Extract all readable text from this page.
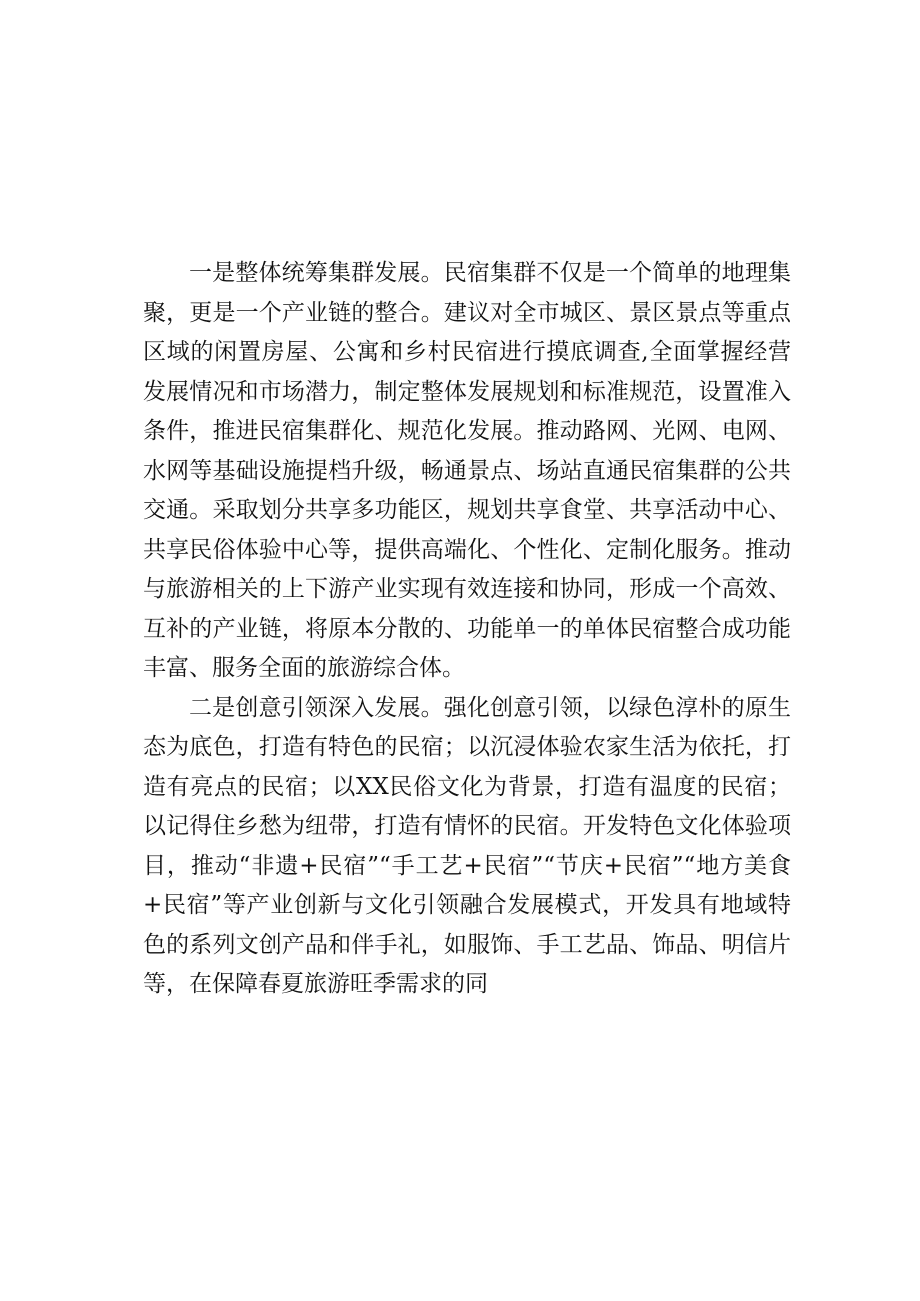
一是整体统筹集群发展。民宿集群不仅是一个简单的地理集聚，更是一个产业链的整合。建议对全市城区、景区景点等重点区域的闲置房屋、公寓和乡村民宿进行摸底调查,全面掌握经营发展情况和市场潜力，制定整体发展规划和标准规范，设置准入条件，推进民宿集群化、规范化发展。推动路网、光网、电网、水网等基础设施提档升级，畅通景点、场站直通民宿集群的公共交通。采取划分共享多功能区，规划共享食堂、共享活动中心、共享民俗体验中心等，提供高端化、个性化、定制化服务。推动与旅游相关的上下游产业实现有效连接和协同，形成一个高效、互补的产业链，将原本分散的、功能单一的单体民宿整合成功能丰富、服务全面的旅游综合体。

二是创意引领深入发展。强化创意引领，以绿色淳朴的原生态为底色，打造有特色的民宿；以沉浸体验农家生活为依托，打造有亮点的民宿；以XX民俗文化为背景，打造有温度的民宿；以记得住乡愁为纽带，打造有情怀的民宿。开发特色文化体验项目，推动“非遗+民宿”“手工艺+民宿”“节庆+民宿”“地方美食+民宿”等产业创新与文化引领融合发展模式，开发具有地域特色的系列文创产品和伴手礼，如服饰、手工艺品、饰品、明信片等，在保障春夏旅游旺季需求的同
